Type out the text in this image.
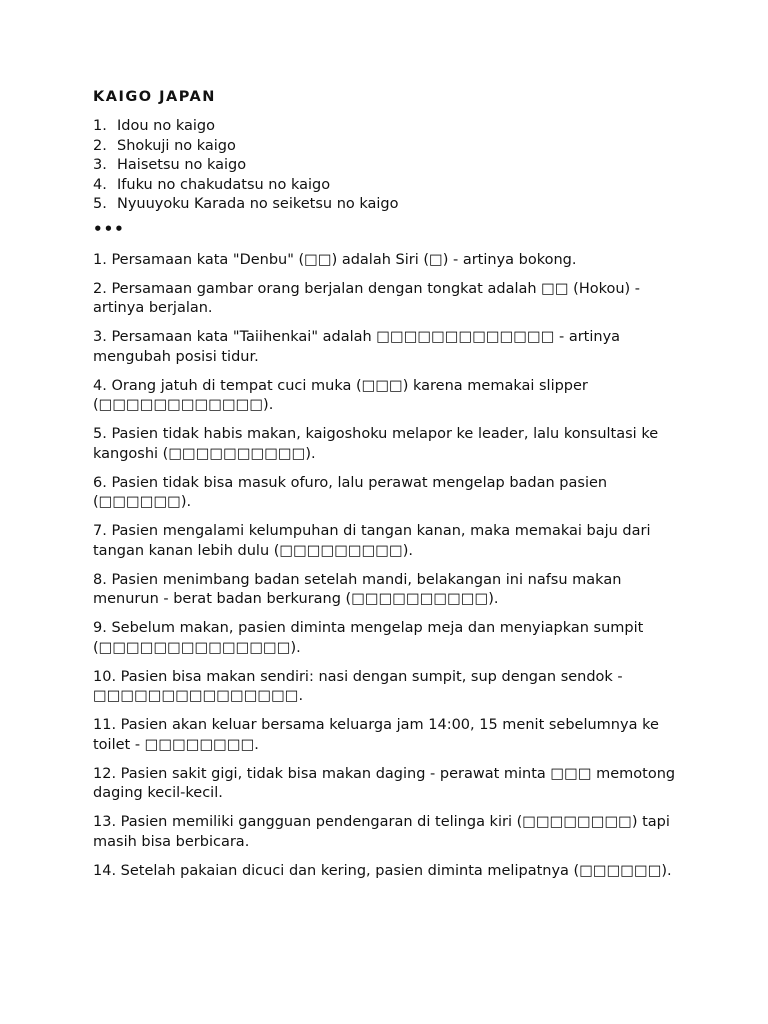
KAIGO JAPAN
1. Idou no kaigo
2. Shokuji no kaigo
3. Haisetsu no kaigo
4. Ifuku no chakudatsu no kaigo
5. Nyuuyoku Karada no seiketsu no kaigo
•••

1. Persamaan kata "Denbu" (□□) adalah Siri (□) - artinya bokong.

2. Persamaan gambar orang berjalan dengan tongkat adalah □□ (Hokou) - artinya berjalan.

3. Persamaan kata "Taiihenkai" adalah □□□□□□□□□□□□□ - artinya mengubah posisi tidur.

4. Orang jatuh di tempat cuci muka (□□□) karena memakai slipper (□□□□□□□□□□□□).

5. Pasien tidak habis makan, kaigoshoku melapor ke leader, lalu konsultasi ke kangoshi (□□□□□□□□□□).

6. Pasien tidak bisa masuk ofuro, lalu perawat mengelap badan pasien (□□□□□□).

7. Pasien mengalami kelumpuhan di tangan kanan, maka memakai baju dari tangan kanan lebih dulu (□□□□□□□□□).

8. Pasien menimbang badan setelah mandi, belakangan ini nafsu makan menurun - berat badan berkurang (□□□□□□□□□□).

9. Sebelum makan, pasien diminta mengelap meja dan menyiapkan sumpit (□□□□□□□□□□□□□□).

10. Pasien bisa makan sendiri: nasi dengan sumpit, sup dengan sendok - □□□□□□□□□□□□□□□.

11. Pasien akan keluar bersama keluarga jam 14:00, 15 menit sebelumnya ke toilet - □□□□□□□□.

12. Pasien sakit gigi, tidak bisa makan daging - perawat minta □□□ memotong daging kecil-kecil.

13. Pasien memiliki gangguan pendengaran di telinga kiri (□□□□□□□□) tapi masih bisa berbicara.

14. Setelah pakaian dicuci dan kering, pasien diminta melipatnya (□□□□□□).
